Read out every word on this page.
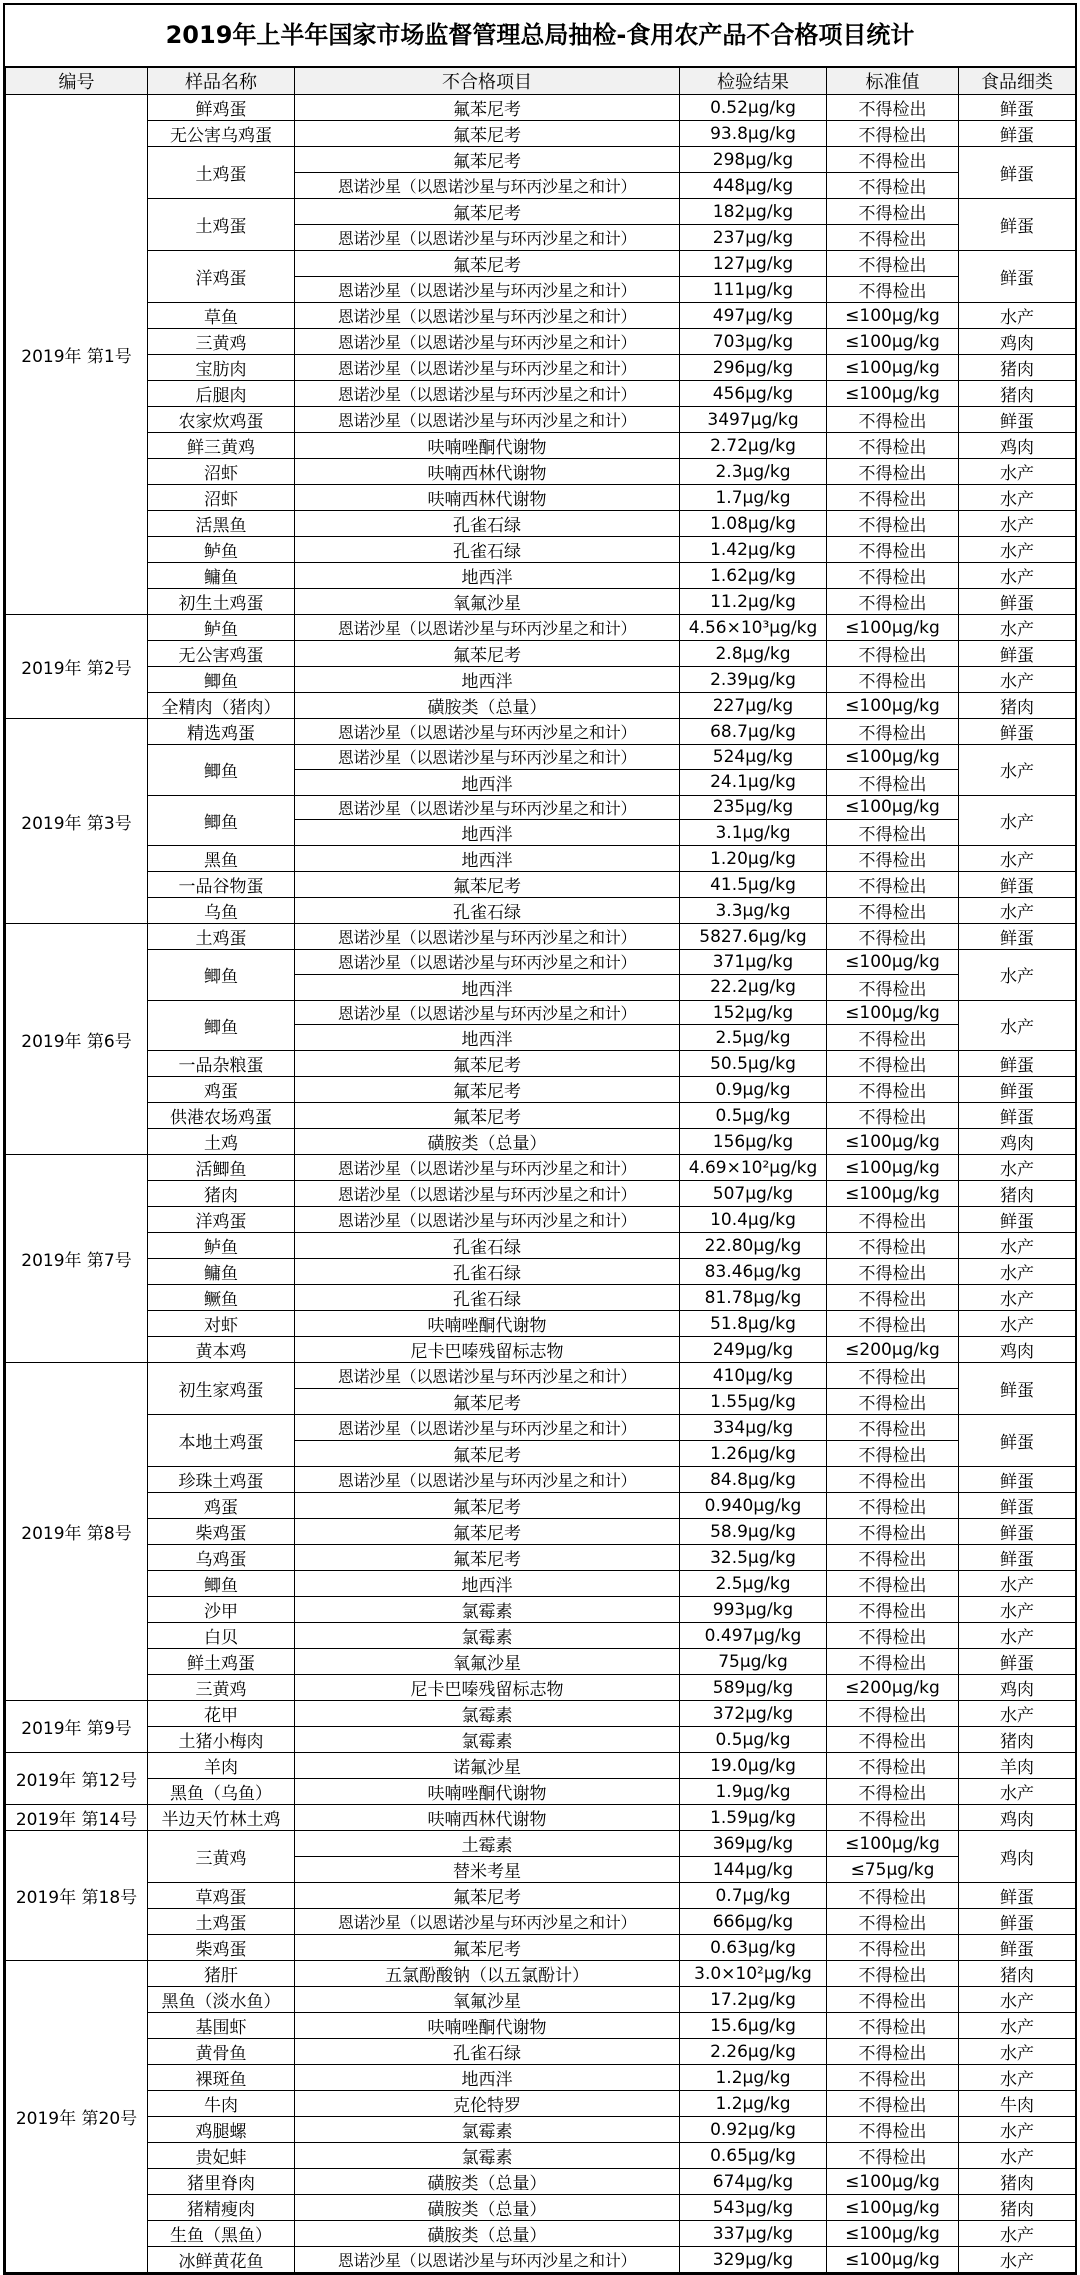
2019年上半年国家市场监督管理总局抽检-食用农产品不合格项目统计
编号	样品名称	不合格项目	检验结果	标准值	食品细类
2019年 第1号	鲜鸡蛋	氟苯尼考	0.52μg/kg	不得检出	鲜蛋
	无公害乌鸡蛋	氟苯尼考	93.8μg/kg	不得检出	鲜蛋
	土鸡蛋	氟苯尼考	298μg/kg	不得检出	鲜蛋
		恩诺沙星（以恩诺沙星与环丙沙星之和计）	448μg/kg	不得检出	
	土鸡蛋	氟苯尼考	182μg/kg	不得检出	鲜蛋
		恩诺沙星（以恩诺沙星与环丙沙星之和计）	237μg/kg	不得检出	
	洋鸡蛋	氟苯尼考	127μg/kg	不得检出	鲜蛋
		恩诺沙星（以恩诺沙星与环丙沙星之和计）	111μg/kg	不得检出	
	草鱼	恩诺沙星（以恩诺沙星与环丙沙星之和计）	497μg/kg	≤100μg/kg	水产
	三黄鸡	恩诺沙星（以恩诺沙星与环丙沙星之和计）	703μg/kg	≤100μg/kg	鸡肉
	宝肪肉	恩诺沙星（以恩诺沙星与环丙沙星之和计）	296μg/kg	≤100μg/kg	猪肉
	后腿肉	恩诺沙星（以恩诺沙星与环丙沙星之和计）	456μg/kg	≤100μg/kg	猪肉
	农家炊鸡蛋	恩诺沙星（以恩诺沙星与环丙沙星之和计）	3497μg/kg	不得检出	鲜蛋
	鲜三黄鸡	呋喃唑酮代谢物	2.72μg/kg	不得检出	鸡肉
	沼虾	呋喃西林代谢物	2.3μg/kg	不得检出	水产
	沼虾	呋喃西林代谢物	1.7μg/kg	不得检出	水产
	活黑鱼	孔雀石绿	1.08μg/kg	不得检出	水产
	鲈鱼	孔雀石绿	1.42μg/kg	不得检出	水产
	鳙鱼	地西泮	1.62μg/kg	不得检出	水产
	初生土鸡蛋	氧氟沙星	11.2μg/kg	不得检出	鲜蛋
2019年 第2号	鲈鱼	恩诺沙星（以恩诺沙星与环丙沙星之和计）	4.56×10³μg/kg	≤100μg/kg	水产
	无公害鸡蛋	氟苯尼考	2.8μg/kg	不得检出	鲜蛋
	鲫鱼	地西泮	2.39μg/kg	不得检出	水产
	全精肉（猪肉）	磺胺类（总量）	227μg/kg	≤100μg/kg	猪肉
2019年 第3号	精选鸡蛋	恩诺沙星（以恩诺沙星与环丙沙星之和计）	68.7μg/kg	不得检出	鲜蛋
	鲫鱼	恩诺沙星（以恩诺沙星与环丙沙星之和计）	524μg/kg	≤100μg/kg	水产
		地西泮	24.1μg/kg	不得检出	
	鲫鱼	恩诺沙星（以恩诺沙星与环丙沙星之和计）	235μg/kg	≤100μg/kg	水产
		地西泮	3.1μg/kg	不得检出	
	黑鱼	地西泮	1.20μg/kg	不得检出	水产
	一品谷物蛋	氟苯尼考	41.5μg/kg	不得检出	鲜蛋
	乌鱼	孔雀石绿	3.3μg/kg	不得检出	水产
2019年 第6号	土鸡蛋	恩诺沙星（以恩诺沙星与环丙沙星之和计）	5827.6μg/kg	不得检出	鲜蛋
	鲫鱼	恩诺沙星（以恩诺沙星与环丙沙星之和计）	371μg/kg	≤100μg/kg	水产
		地西泮	22.2μg/kg	不得检出	
	鲫鱼	恩诺沙星（以恩诺沙星与环丙沙星之和计）	152μg/kg	≤100μg/kg	水产
		地西泮	2.5μg/kg	不得检出	
	一品杂粮蛋	氟苯尼考	50.5μg/kg	不得检出	鲜蛋
	鸡蛋	氟苯尼考	0.9μg/kg	不得检出	鲜蛋
	供港农场鸡蛋	氟苯尼考	0.5μg/kg	不得检出	鲜蛋
	土鸡	磺胺类（总量）	156μg/kg	≤100μg/kg	鸡肉
2019年 第7号	活鲫鱼	恩诺沙星（以恩诺沙星与环丙沙星之和计）	4.69×10²μg/kg	≤100μg/kg	水产
	猪肉	恩诺沙星（以恩诺沙星与环丙沙星之和计）	507μg/kg	≤100μg/kg	猪肉
	洋鸡蛋	恩诺沙星（以恩诺沙星与环丙沙星之和计）	10.4μg/kg	不得检出	鲜蛋
	鲈鱼	孔雀石绿	22.80μg/kg	不得检出	水产
	鳙鱼	孔雀石绿	83.46μg/kg	不得检出	水产
	鳜鱼	孔雀石绿	81.78μg/kg	不得检出	水产
	对虾	呋喃唑酮代谢物	51.8μg/kg	不得检出	水产
	黄本鸡	尼卡巴嗪残留标志物	249μg/kg	≤200μg/kg	鸡肉
2019年 第8号	初生家鸡蛋	恩诺沙星（以恩诺沙星与环丙沙星之和计）	410μg/kg	不得检出	鲜蛋
		氟苯尼考	1.55μg/kg	不得检出	
	本地土鸡蛋	恩诺沙星（以恩诺沙星与环丙沙星之和计）	334μg/kg	不得检出	鲜蛋
		氟苯尼考	1.26μg/kg	不得检出	
	珍珠土鸡蛋	恩诺沙星（以恩诺沙星与环丙沙星之和计）	84.8μg/kg	不得检出	鲜蛋
	鸡蛋	氟苯尼考	0.940μg/kg	不得检出	鲜蛋
	柴鸡蛋	氟苯尼考	58.9μg/kg	不得检出	鲜蛋
	乌鸡蛋	氟苯尼考	32.5μg/kg	不得检出	鲜蛋
	鲫鱼	地西泮	2.5μg/kg	不得检出	水产
	沙甲	氯霉素	993μg/kg	不得检出	水产
	白贝	氯霉素	0.497μg/kg	不得检出	水产
	鲜土鸡蛋	氧氟沙星	75μg/kg	不得检出	鲜蛋
	三黄鸡	尼卡巴嗪残留标志物	589μg/kg	≤200μg/kg	鸡肉
2019年 第9号	花甲	氯霉素	372μg/kg	不得检出	水产
	土猪小梅肉	氯霉素	0.5μg/kg	不得检出	猪肉
2019年 第12号	羊肉	诺氟沙星	19.0μg/kg	不得检出	羊肉
	黑鱼（乌鱼）	呋喃唑酮代谢物	1.9μg/kg	不得检出	水产
2019年 第14号	半边天竹林土鸡	呋喃西林代谢物	1.59μg/kg	不得检出	鸡肉
2019年 第18号	三黄鸡	土霉素	369μg/kg	≤100μg/kg	鸡肉
		替米考星	144μg/kg	≤75μg/kg	
	草鸡蛋	氟苯尼考	0.7μg/kg	不得检出	鲜蛋
	土鸡蛋	恩诺沙星（以恩诺沙星与环丙沙星之和计）	666μg/kg	不得检出	鲜蛋
	柴鸡蛋	氟苯尼考	0.63μg/kg	不得检出	鲜蛋
2019年 第20号	猪肝	五氯酚酸钠（以五氯酚计）	3.0×10²μg/kg	不得检出	猪肉
	黑鱼（淡水鱼）	氧氟沙星	17.2μg/kg	不得检出	水产
	基围虾	呋喃唑酮代谢物	15.6μg/kg	不得检出	水产
	黄骨鱼	孔雀石绿	2.26μg/kg	不得检出	水产
	裸斑鱼	地西泮	1.2μg/kg	不得检出	水产
	牛肉	克伦特罗	1.2μg/kg	不得检出	牛肉
	鸡腿螺	氯霉素	0.92μg/kg	不得检出	水产
	贵妃蚌	氯霉素	0.65μg/kg	不得检出	水产
	猪里脊肉	磺胺类（总量）	674μg/kg	≤100μg/kg	猪肉
	猪精瘦肉	磺胺类（总量）	543μg/kg	≤100μg/kg	猪肉
	生鱼（黑鱼）	磺胺类（总量）	337μg/kg	≤100μg/kg	水产
	冰鲜黄花鱼	恩诺沙星（以恩诺沙星与环丙沙星之和计）	329μg/kg	≤100μg/kg	水产
